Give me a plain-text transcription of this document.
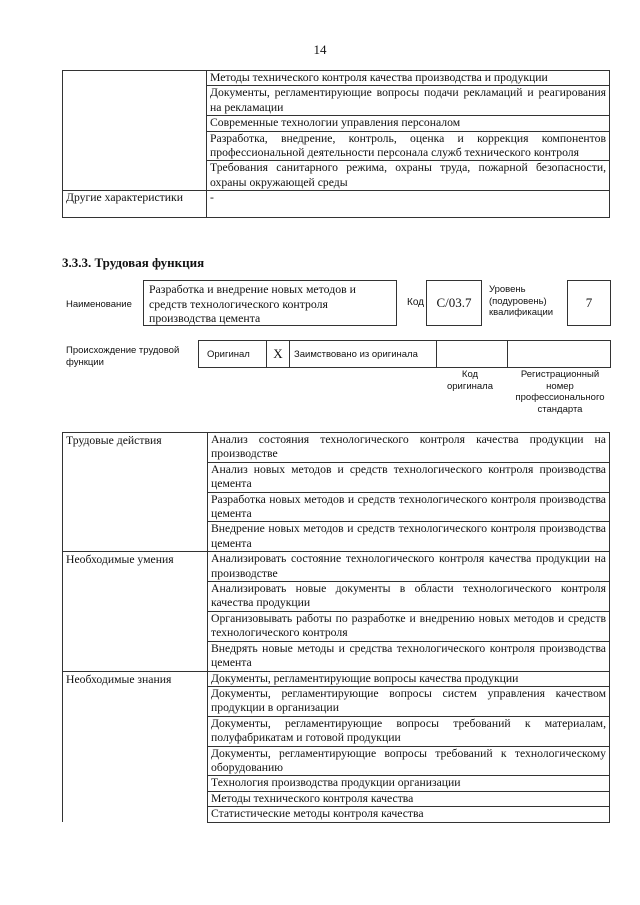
14
	Методы технического контроля качества производства и продукции
	Документы, регламентирующие вопросы подачи рекламаций и реагирования на рекламации
	Современные технологии управления персоналом
	Разработка, внедрение, контроль, оценка и коррекция компонентов профессиональной деятельности персонала служб технического контроля
	Требования санитарного режима, охраны труда, пожарной безопасности, охраны окружающей среды
Другие характеристики	-
3.3.3. Трудовая функция
Наименование
Разработка и внедрение новых методов и средств технологического контроля производства цемента
Код С/03.7
Уровень (подуровень) квалификации
7
Происхождение трудовой функции
Оригинал	X	Заимствовано из оригинала
Код оригинала
Регистрационный номер профессионального стандарта
Трудовые действия	Анализ состояния технологического контроля качества продукции на производстве
	Анализ новых методов и средств технологического контроля производства цемента
	Разработка новых методов и средств технологического контроля производства цемента
	Внедрение новых методов и средств технологического контроля производства цемента
Необходимые умения	Анализировать состояние технологического контроля качества продукции на производстве
	Анализировать новые документы в области технологического контроля качества продукции
	Организовывать работы по разработке и внедрению новых методов и средств технологического контроля
	Внедрять новые методы и средства технологического контроля производства цемента
Необходимые знания	Документы, регламентирующие вопросы качества продукции
	Документы, регламентирующие вопросы систем управления качеством продукции в организации
	Документы, регламентирующие вопросы требований к материалам, полуфабрикатам и готовой продукции
	Документы, регламентирующие вопросы требований к технологическому оборудованию
	Технология производства продукции организации
	Методы технического контроля качества
	Статистические методы контроля качества
